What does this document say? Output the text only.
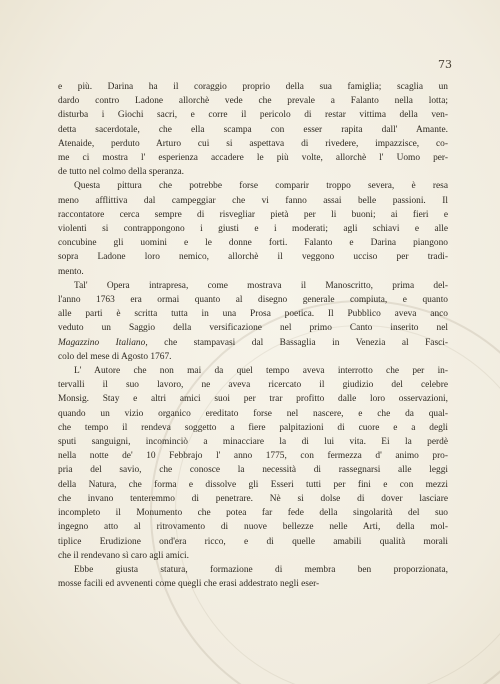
73

e più. Darina ha il coraggio proprio della sua famiglia; scaglia un
dardo contro Ladone allorchè vede che prevale a Falanto nella lotta;
disturba i Giochi sacri, e corre il pericolo di restar vittima della ven-
detta sacerdotale, che ella scampa con esser rapita dall' Amante.
Atenaide, perduto Arturo cui si aspettava di rivedere, impazzisce, co-
me ci mostra l' esperienza accadere le più volte, allorchè l' Uomo per-
de tutto nel colmo della speranza.

Questa pittura che potrebbe forse comparir troppo severa, è resa
meno afflittiva dal campeggiar che vi fanno assai belle passioni. Il
raccontatore cerca sempre di risvegliar pietà per li buoni; ai fieri e
violenti si contrappongono i giusti e i moderati; agli schiavi e alle
concubine gli uomini e le donne forti. Falanto e Darina piangono
sopra Ladone loro nemico, allorchè il veggono ucciso per tradi-
mento.

Tal' Opera intrapresa, come mostrava il Manoscritto, prima del-
l'anno 1763 era ormai quanto al disegno generale compiuta, e quanto
alle parti è scritta tutta in una Prosa poetica. Il Pubblico aveva anco
veduto un Saggio della versificazione nel primo Canto inserito nel
Magazzino Italiano, che stampavasi dal Bassaglia in Venezia al Fasci-
colo del mese di Agosto 1767.

L' Autore che non mai da quel tempo aveva interrotto che per in-
tervalli il suo lavoro, ne aveva ricercato il giudizio del celebre
Monsig. Stay e altri amici suoi per trar profitto dalle loro osservazioni,
quando un vizio organico ereditato forse nel nascere, e che da qual-
che tempo il rendeva soggetto a fiere palpitazioni di cuore e a degli
sputi sanguigni, incominciò a minacciare la di lui vita. Ei la perdè
nella notte de' 10 Febbrajo l' anno 1775, con fermezza d' animo pro-
pria del savio, che conosce la necessità di rassegnarsi alle leggi
della Natura, che forma e dissolve gli Esseri tutti per fini e con mezzi
che invano tenteremmo di penetrare. Nè si dolse di dover lasciare
incompleto il Monumento che potea far fede della singolarità del suo
ingegno atto al ritrovamento di nuove bellezze nelle Arti, della mol-
tiplice Erudizione ond'era ricco, e di quelle amabili qualità morali
che il rendevano sì caro agli amici.

Ebbe giusta statura, formazione di membra ben proporzionata,
mosse facili ed avvenenti come quegli che erasi addestrato negli eser-
